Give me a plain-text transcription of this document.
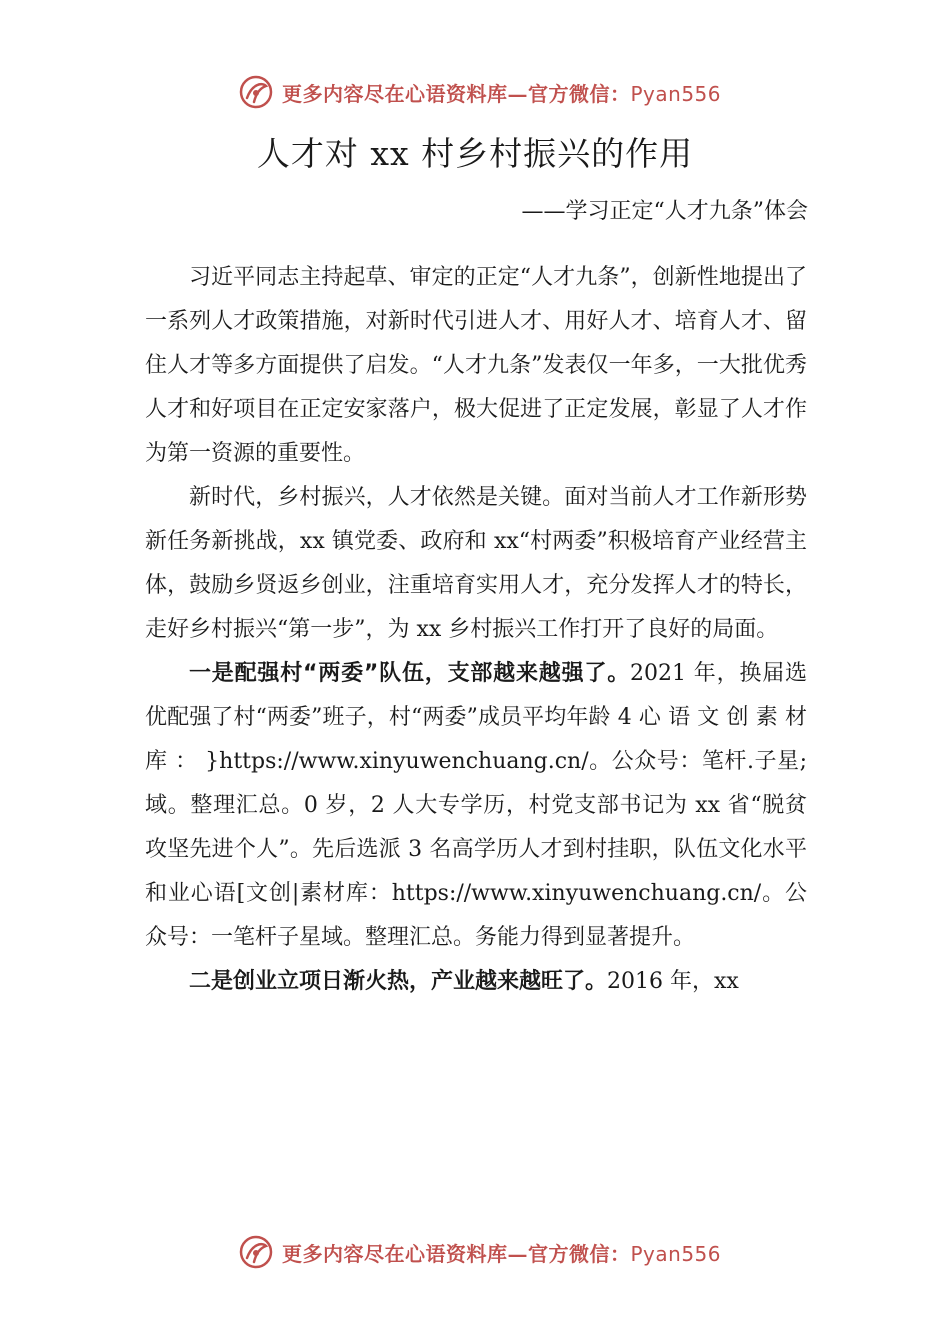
更多内容尽在心语资料库—官方微信：Pyan556
人才对 xx 村乡村振兴的作用
——学习正定“人才九条”体会

习近平同志主持起草、审定的正定“人才九条”，创新性地提出了一系列人才政策措施，对新时代引进人才、用好人才、培育人才、留住人才等多方面提供了启发。“人才九条”发表仅一年多，一大批优秀人才和好项目在正定安家落户，极大促进了正定发展，彰显了人才作为第一资源的重要性。

新时代，乡村振兴，人才依然是关键。面对当前人才工作新形势新任务新挑战，xx 镇党委、政府和 xx“村两委”积极培育产业经营主体，鼓励乡贤返乡创业，注重培育实用人才，充分发挥人才的特长，走好乡村振兴“第一步”，为 xx 乡村振兴工作打开了良好的局面。

一是配强村“两委”队伍，支部越来越强了。2021 年，换届选优配强了村“两委”班子，村“两委”成员平均年龄 4 心 语 文 创 素 材 库 ： }https://www.xinyuwenchuang.cn/。公众号：笔杆.子星;域。整理汇总。0 岁，2 人大专学历，村党支部书记为 xx 省“脱贫攻坚先进个人”。先后选派 3 名高学历人才到村挂职，队伍文化水平和业心语[文创|素材库：https://www.xinyuwenchuang.cn/。公众号：一笔杆子星域。整理汇总。务能力得到显著提升。

二是创业立项日渐火热，产业越来越旺了。2016 年，xx

更多内容尽在心语资料库—官方微信：Pyan556
